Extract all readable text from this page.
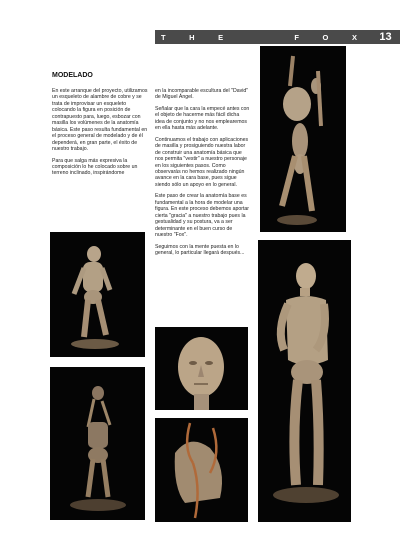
T	H	E	F	O	X	13
MODELADO

En este arranque del proyecto, utilizamos un esqueleto de alambre de cobre y se trata de improvisar un esqueleto colocando la figura en posición de contrapuesto para, luego, esbozar con masilla los volúmenes de la anatomía básica. Este paso resulta fundamental en el proceso general de modelado y de él dependerá, en gran parte, el éxito de nuestro trabajo.

Para que salga más expresiva la composición lo he colocado sobre un terreno inclinado, inspirándome

en la incomparable escultura del "David" de Miguel Ángel.

Señalar que la cara la empecé antes con el objeto de hacerme más fácil dicha idea de conjunto y no nos emplearemos en ella hasta más adelante.

Continuamos el trabajo con aplicaciones de masilla y prosiguiendo nuestra labor de construir una anatomía básica que nos permita "vestir" a nuestro personaje en los siguientes pasos. Como observarás no hemos realizado ningún avance en la cara base, pues sigue siendo sólo un apoyo en lo general.

Este paso de crear la anatomía base es fundamental a la hora de modelar una figura. En este proceso debemos aportar cierta "gracia" a nuestro trabajo pues la gestualidad y su postura, va a ser determinante en el buen curso de nuestro "Fox".

Seguimos con la mente puesta en lo general, lo particular llegará después...
